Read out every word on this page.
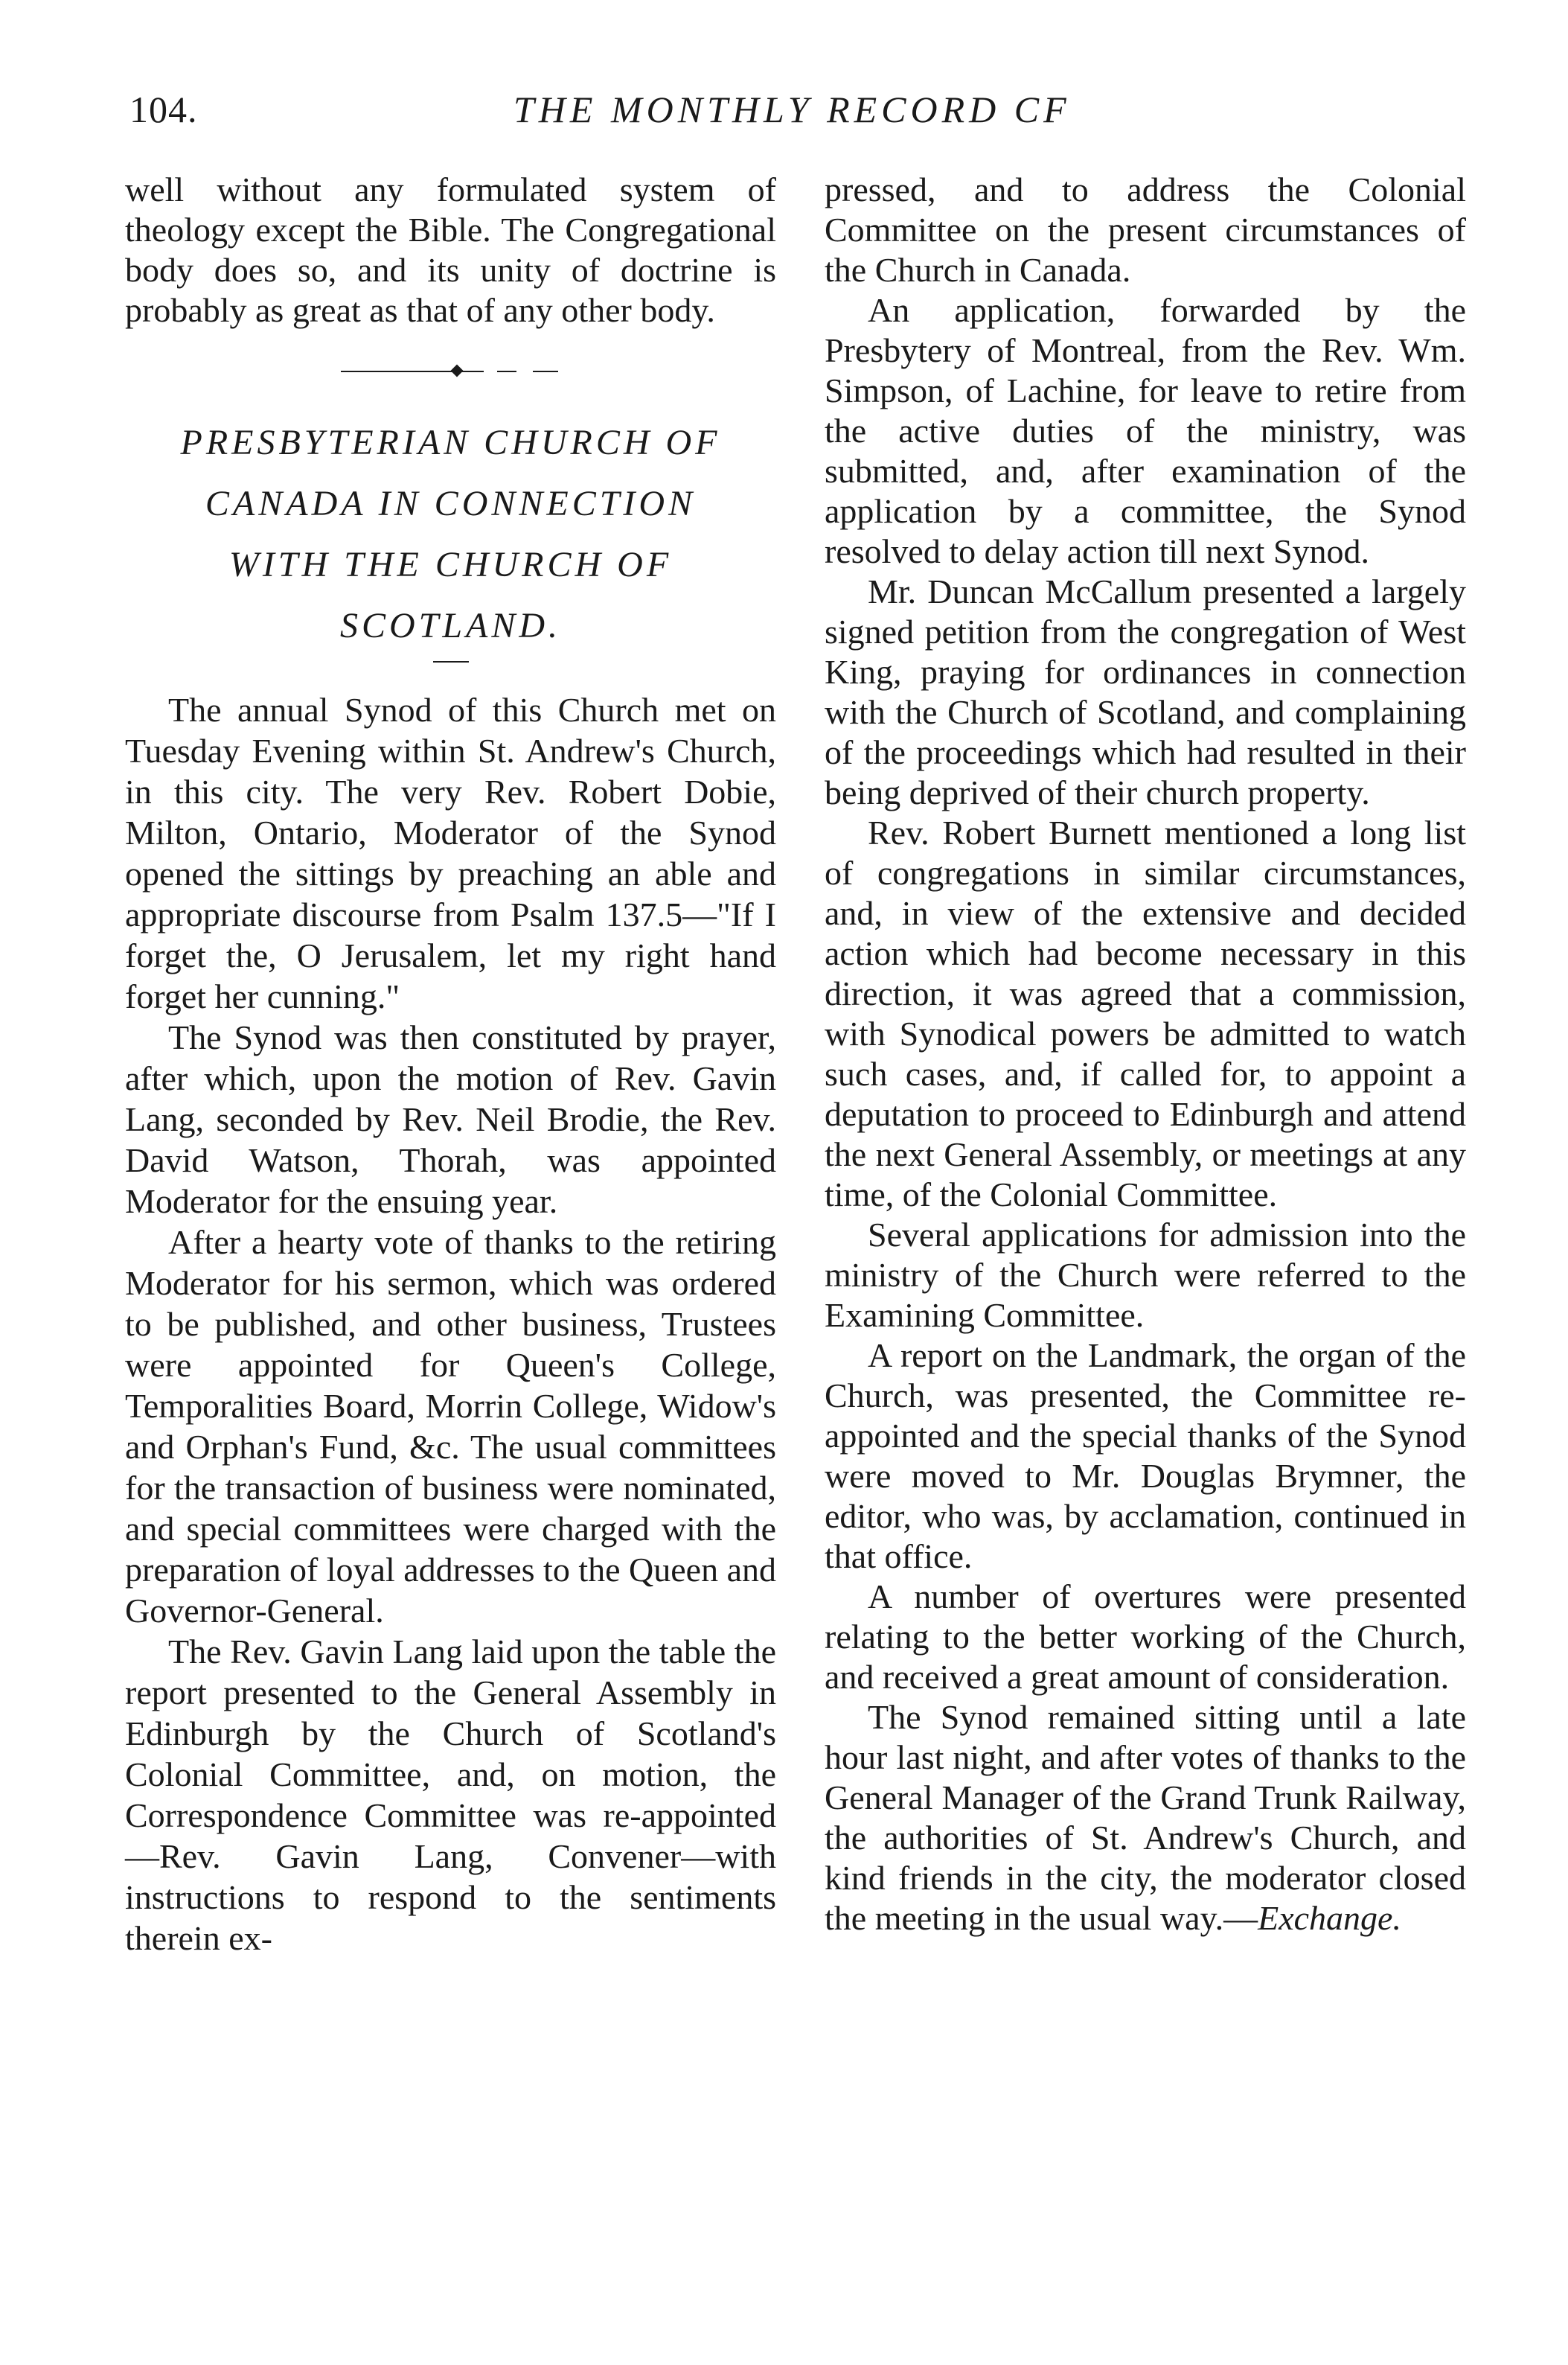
104.	THE MONTHLY RECORD CF

well without any formulated system of theology except the Bible. The Congregational body does so, and its unity of doctrine is probably as great as that of any other body.

PRESBYTERIAN CHURCH OF
CANADA IN CONNECTION
WITH THE CHURCH OF
SCOTLAND.

The annual Synod of this Church met on Tuesday Evening within St. Andrew's Church, in this city. The very Rev. Robert Dobie, Milton, Ontario, Moderator of the Synod opened the sittings by preaching an able and appropriate discourse from Psalm 137.5—"If I forget the, O Jerusalem, let my right hand forget her cunning."

The Synod was then constituted by prayer, after which, upon the motion of Rev. Gavin Lang, seconded by Rev. Neil Brodie, the Rev. David Watson, Thorah, was appointed Moderator for the ensuing year.

After a hearty vote of thanks to the retiring Moderator for his sermon, which was ordered to be published, and other business, Trustees were appointed for Queen's College, Temporalities Board, Morrin College, Widow's and Orphan's Fund, &c. The usual committees for the transaction of business were nominated, and special committees were charged with the preparation of loyal addresses to the Queen and Governor-General.

The Rev. Gavin Lang laid upon the table the report presented to the General Assembly in Edinburgh by the Church of Scotland's Colonial Committee, and, on motion, the Correspondence Committee was re-appointed—Rev. Gavin Lang, Convener—with instructions to respond to the sentiments therein ex-

pressed, and to address the Colonial Committee on the present circumstances of the Church in Canada.

An application, forwarded by the Presbytery of Montreal, from the Rev. Wm. Simpson, of Lachine, for leave to retire from the active duties of the ministry, was submitted, and, after examination of the application by a committee, the Synod resolved to delay action till next Synod.

Mr. Duncan McCallum presented a largely signed petition from the congregation of West King, praying for ordinances in connection with the Church of Scotland, and complaining of the proceedings which had resulted in their being deprived of their church property.

Rev. Robert Burnett mentioned a long list of congregations in similar circumstances, and, in view of the extensive and decided action which had become necessary in this direction, it was agreed that a commission, with Synodical powers be admitted to watch such cases, and, if called for, to appoint a deputation to proceed to Edinburgh and attend the next General Assembly, or meetings at any time, of the Colonial Committee.

Several applications for admission into the ministry of the Church were referred to the Examining Committee.

A report on the Landmark, the organ of the Church, was presented, the Committee re-appointed and the special thanks of the Synod were moved to Mr. Douglas Brymner, the editor, who was, by acclamation, continued in that office.

A number of overtures were presented relating to the better working of the Church, and received a great amount of consideration.

The Synod remained sitting until a late hour last night, and after votes of thanks to the General Manager of the Grand Trunk Railway, the authorities of St. Andrew's Church, and kind friends in the city, the moderator closed the meeting in the usual way.—Exchange.
